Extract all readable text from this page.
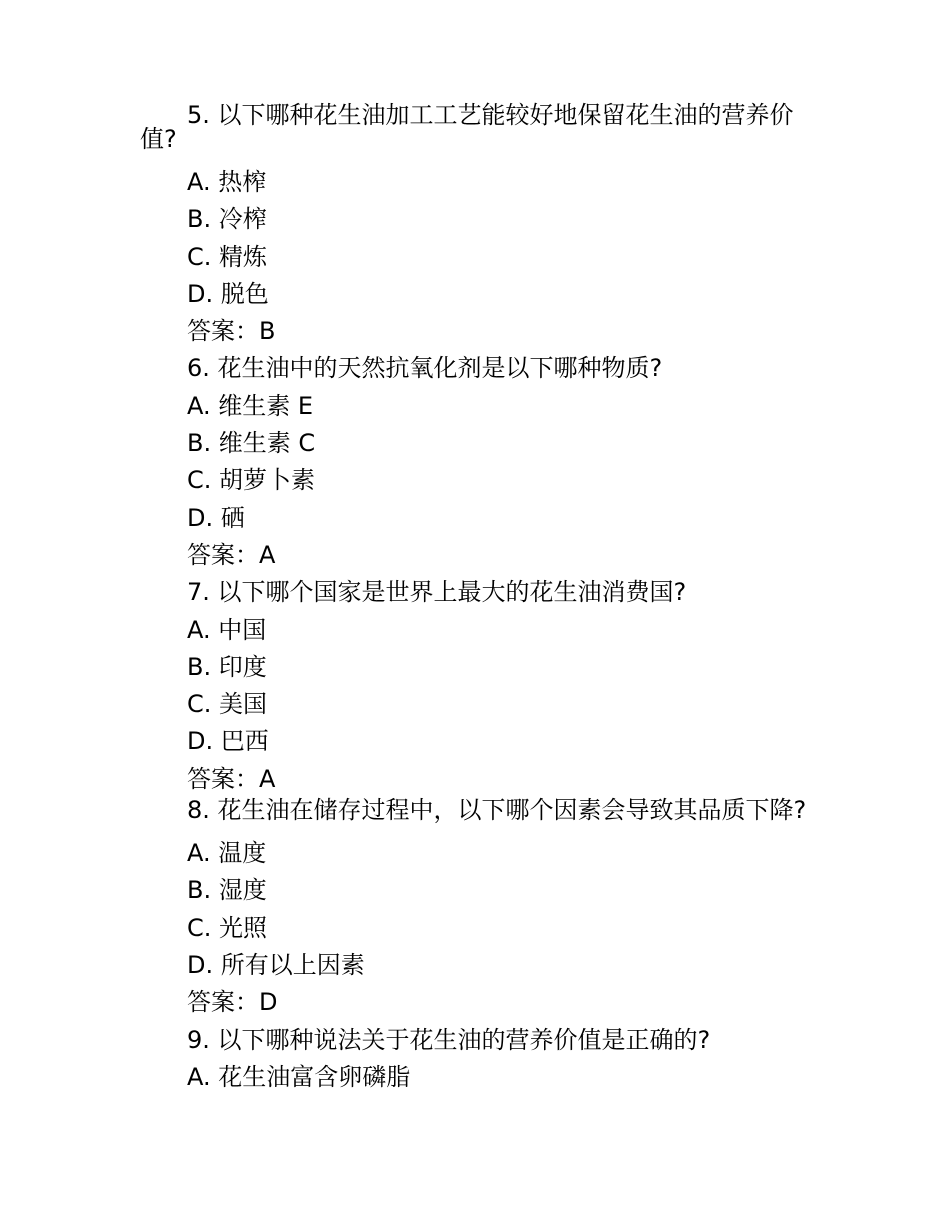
5. 以下哪种花生油加工工艺能较好地保留花生油的营养价值?
A. 热榨
B. 冷榨
C. 精炼
D. 脱色
答案：B
6. 花生油中的天然抗氧化剂是以下哪种物质?
A. 维生素 E
B. 维生素 C
C. 胡萝卜素
D. 硒
答案：A
7. 以下哪个国家是世界上最大的花生油消费国?
A. 中国
B. 印度
C. 美国
D. 巴西
答案：A
8. 花生油在储存过程中，以下哪个因素会导致其品质下降?
A. 温度
B. 湿度
C. 光照
D. 所有以上因素
答案：D
9. 以下哪种说法关于花生油的营养价值是正确的?
A. 花生油富含卵磷脂
